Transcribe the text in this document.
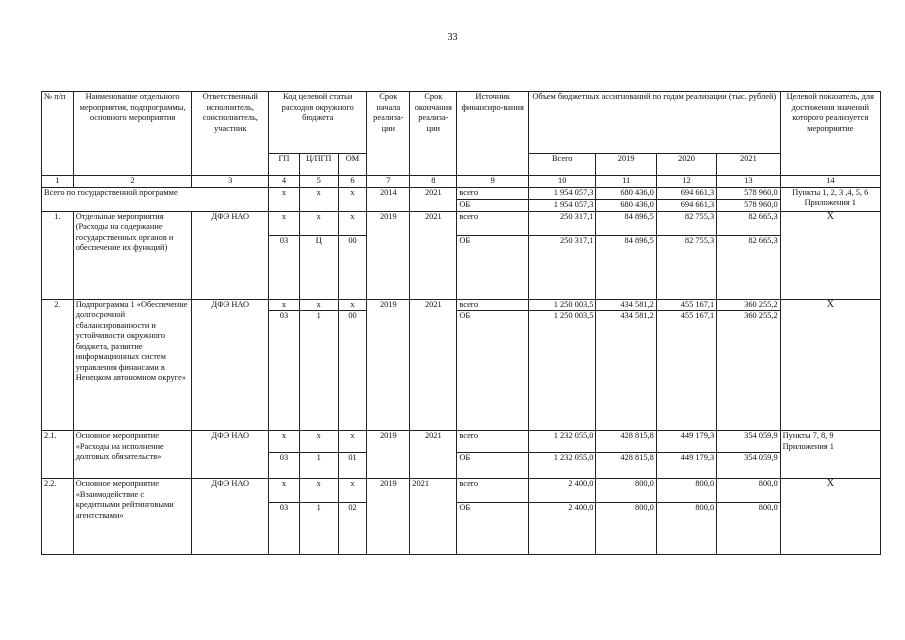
33
№ п/п	Наименование отдельного мероприятия, подпрограммы, основного мероприятия	Ответственный исполнитель, соисполнитель, участник	Код целевой статьи расходов окружного бюджета			Срок начала реализа-ции	Срок окончания реализа-ции	Источник финансиро-вания	Объем бюджетных ассигнований по годам реализации (тыс. рублей)				Целевой показатель, для достижения значений которого реализуется мероприятие
			ГП	Ц/ПГП	ОМ				Всего	2019	2020	2021	
1	2	3	4	5	6	7	8	9	10	11	12	13	14
Всего по государственной программе			х	х	х	2014	2021	всего	1 954 057,3	680 436,0	694 661,3	578 960,0	Пункты 1, 2, 3 ,4, 5, 6
Приложения 1

								ОБ	1 954 057,3	680 436,0	694 661,3	578 960,0	
1.	Отдельные мероприятия (Расходы на содержание государственных органов и обеспечение их функций)	ДФЭ НАО	х	х	х	2019	2021	всего	250 317,1	84 896,5	82 755,3	82 665,3	Х
			03	Ц	00			ОБ	250 317,1	84 896,5	82 755,3	82 665,3	
2.	Подпрограмма 1 «Обеспечение долгосрочной сбалансированности и устойчивости окружного бюджета, развитие информационных систем управления финансами в Ненецком автономном округе»	ДФЭ НАО	х	х	х	2019	2021	всего	1 250 003,5	434 581,2	455 167,1	360 255,2	Х
			03	1	00			ОБ	1 250 003,5	434 581,2	455 167,1	360 255,2	
2.1.	Основное мероприятие «Расходы на исполнение долговых обязательств»	ДФЭ НАО	х	х	х	2019	2021	всего	1 232 055,0	428 815,8	449 179,3	354 059,9	Пункты 7, 8, 9 Приложения 1
			03	1	01			ОБ	1 232 055,0	428 815,8	449 179,3	354 059,9	
2.2.	Основное мероприятие «Взаимодействие с кредитными рейтинговыми агентствами»	ДФЭ НАО	х	х	х	2019	2021	всего	2 400,0	800,0	800,0	800,0	Х
			03	1	02			ОБ	2 400,0	800,0	800,0	800,0	
